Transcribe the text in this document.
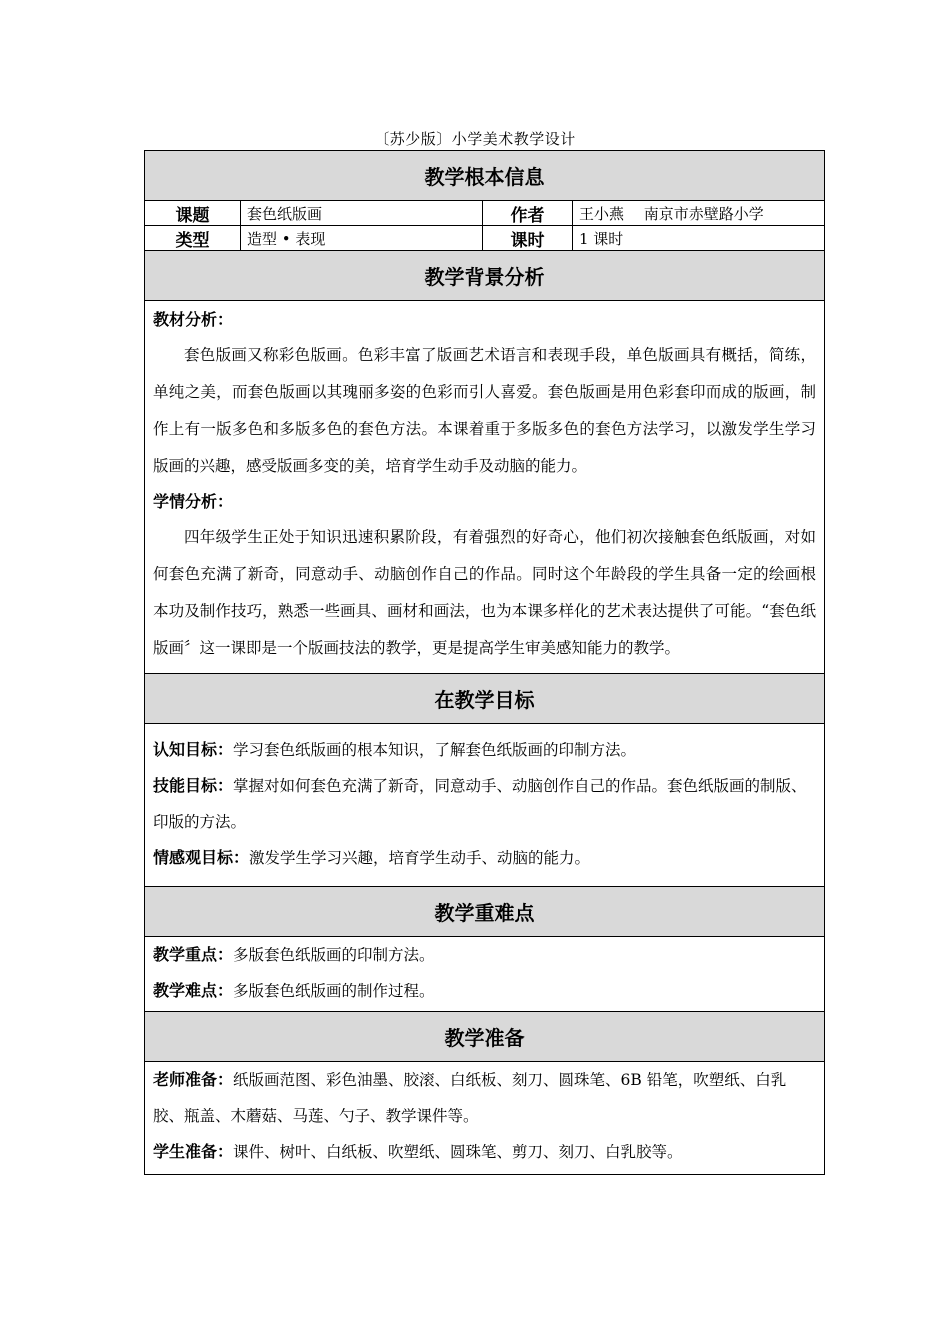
〔苏少版〕小学美术教学设计
教学根本信息
课题	套色纸版画	作者	王小燕　 南京市赤壁路小学
类型	造型 • 表现	课时	1 课时
教学背景分析

教材分析：

套色版画又称彩色版画。色彩丰富了版画艺术语言和表现手段，单色版画具有概括，简练，单纯之美，而套色版画以其瑰丽多姿的色彩而引人喜爱。套色版画是用色彩套印而成的版画，制作上有一版多色和多版多色的套色方法。本课着重于多版多色的套色方法学习，以激发学生学习版画的兴趣，感受版画多变的美，培育学生动手及动脑的能力。

学情分析：

四年级学生正处于知识迅速积累阶段，有着强烈的好奇心，他们初次接触套色纸版画，对如何套色充满了新奇，同意动手、动脑创作自己的作品。同时这个年龄段的学生具备一定的绘画根本功及制作技巧，熟悉一些画具、画材和画法，也为本课多样化的艺术表达提供了可能。“套色纸版画〞这一课即是一个版画技法的教学，更是提高学生审美感知能力的教学。

在教学目标

认知目标：学习套色纸版画的根本知识，了解套色纸版画的印制方法。

技能目标：掌握对如何套色充满了新奇，同意动手、动脑创作自己的作品。套色纸版画的制版、印版的方法。

情感观目标：激发学生学习兴趣，培育学生动手、动脑的能力。

教学重难点

教学重点：多版套色纸版画的印制方法。

教学难点：多版套色纸版画的制作过程。

教学准备

老师准备：纸版画范图、彩色油墨、胶滚、白纸板、刻刀、圆珠笔、6B 铅笔，吹塑纸、白乳胶、瓶盖、木蘑菇、马莲、勺子、教学课件等。

学生准备：课件、树叶、白纸板、吹塑纸、圆珠笔、剪刀、刻刀、白乳胶等。
